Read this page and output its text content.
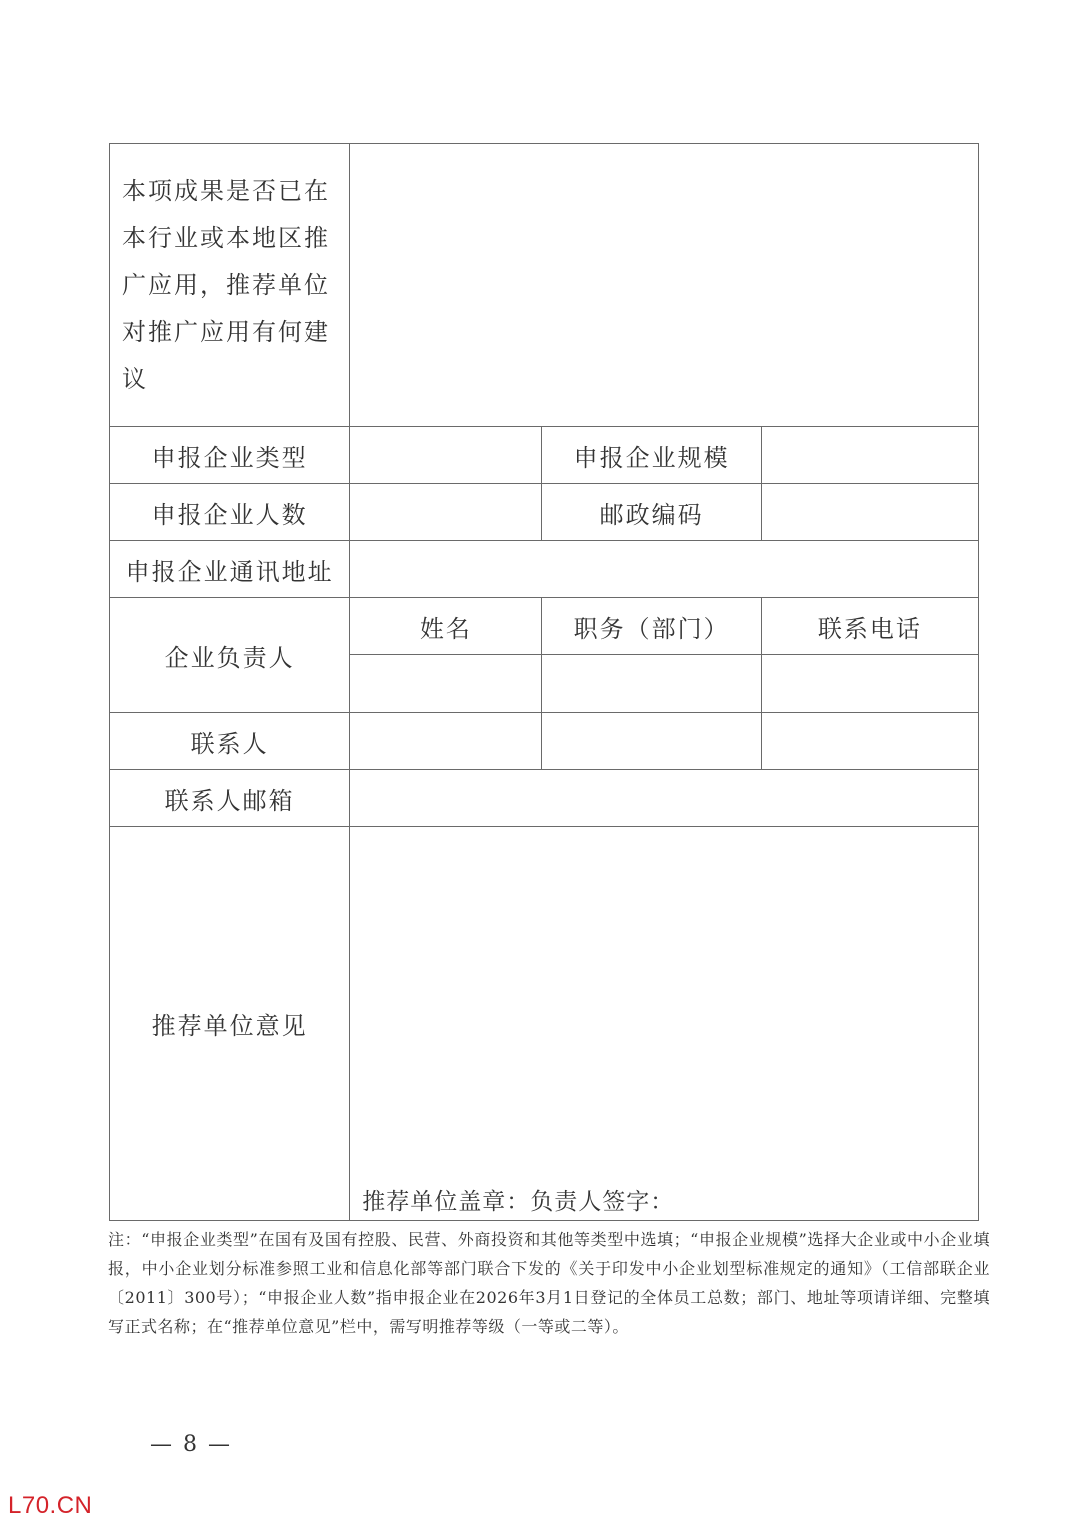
本项成果是否已在本行业或本地区推广应用，推荐单位对推广应用有何建议			
申报企业类型		申报企业规模	
申报企业人数		邮政编码	
申报企业通讯地址			
企业负责人	姓名	职务（部门）	联系电话

联系人			
联系人邮箱			
推荐单位意见	推荐单位盖章：负责人签字：		
注：“申报企业类型”在国有及国有控股、民营、外商投资和其他等类型中选填；“申报企业规模”选择大企业或中小企业填报，中小企业划分标准参照工业和信息化部等部门联合下发的《关于印发中小企业划型标准规定的通知》（工信部联企业〔2011〕300号）；“申报企业人数”指申报企业在2026年3月1日登记的全体员工总数；部门、地址等项请详细、完整填写正式名称；在“推荐单位意见”栏中，需写明推荐等级（一等或二等）。
— 8 —
L70.CN
